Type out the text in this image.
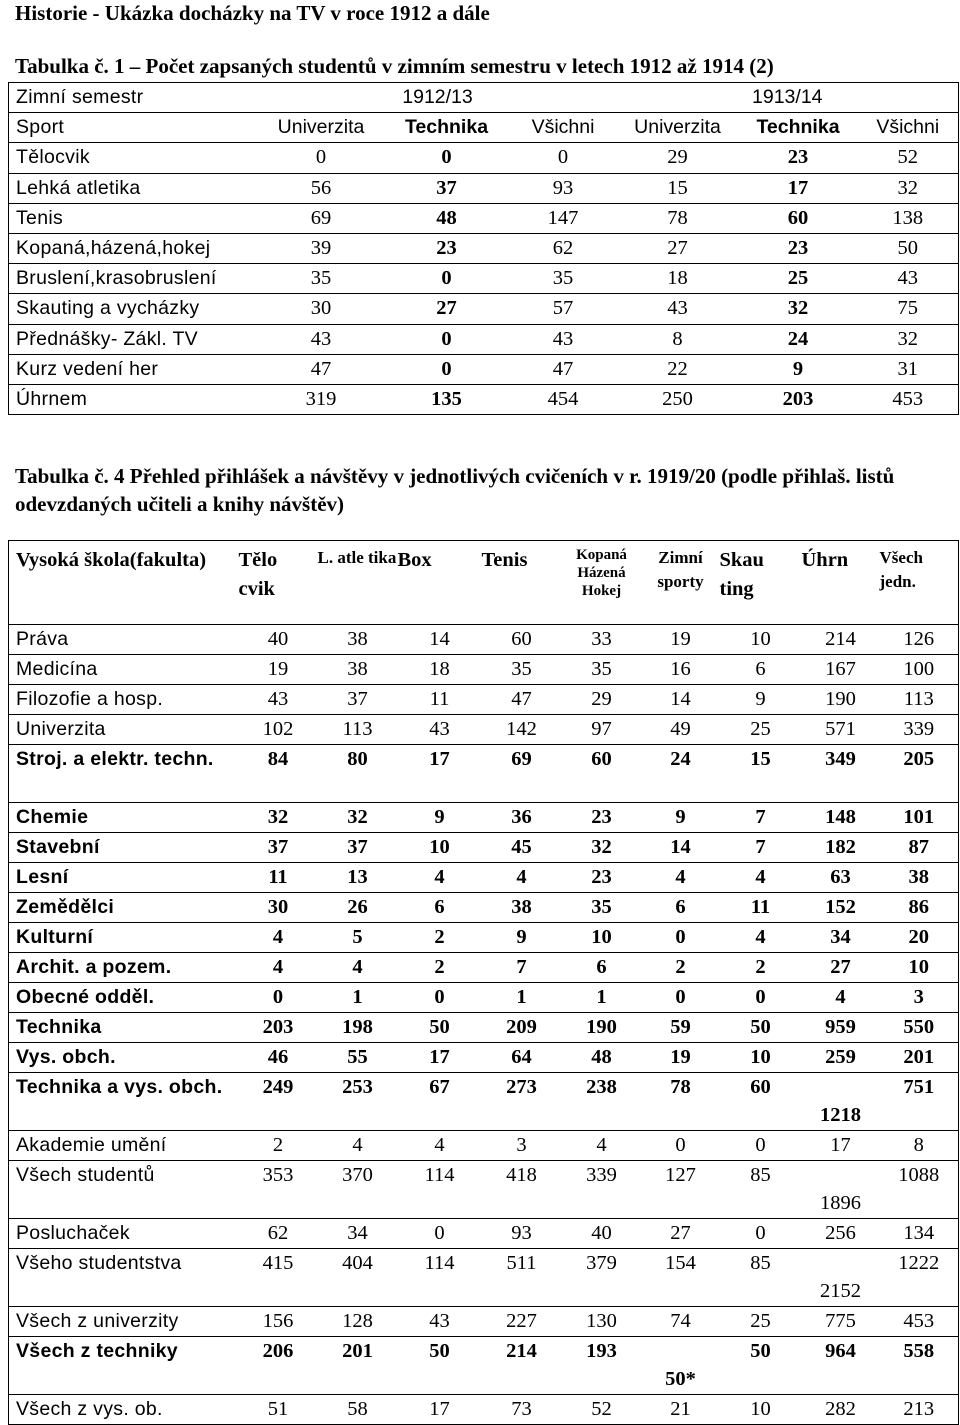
Historie - Ukázka docházky na TV v roce 1912 a dále
Tabulka č. 1 – Počet zapsaných studentů v zimním semestru v letech 1912 až 1914 (2)
Zimní semestr	1912/13			1913/14		
Sport	Univerzita	Technika	Všichni	Univerzita	Technika	Všichni
Tělocvik	0	0	0	29	23	52
Lehká atletika	56	37	93	15	17	32
Tenis	69	48	147	78	60	138
Kopaná,házená,hokej	39	23	62	27	23	50
Bruslení,krasobruslení	35	0	35	18	25	43
Skauting a vycházky	30	27	57	43	32	75
Přednášky- Zákl. TV	43	0	43	8	24	32
Kurz vedení her	47	0	47	22	9	31
Úhrnem	319	135	454	250	203	453
Tabulka č. 4 Přehled přihlášek a návštěvy v jednotlivých cvičeních v r. 1919/20 (podle přihlaš. listů odevzdaných učiteli a knihy návštěv)
Vysoká škola(fakulta)	Tělo cvik	L. atle tika	Box	Tenis	Kopaná Házená Hokej	Zimní sporty	Skau ting	Úhrn	Všech jedn.
Práva	40	38	14	60	33	19	10	214	126
Medicína	19	38	18	35	35	16	6	167	100
Filozofie a hosp.	43	37	11	47	29	14	9	190	113
Univerzita	102	113	43	142	97	49	25	571	339
Stroj. a elektr. techn.	84	80	17	69	60	24	15	349	205
Chemie	32	32	9	36	23	9	7	148	101
Stavební	37	37	10	45	32	14	7	182	87
Lesní	11	13	4	4	23	4	4	63	38
Zemědělci	30	26	6	38	35	6	11	152	86
Kulturní	4	5	2	9	10	0	4	34	20
Archit. a pozem.	4	4	2	7	6	2	2	27	10
Obecné odděl.	0	1	0	1	1	0	0	4	3
Technika	203	198	50	209	190	59	50	959	550
Vys. obch.	46	55	17	64	48	19	10	259	201
Technika a vys. obch.	249	253	67	273	238	78	60	1218	751
Akademie umění	2	4	4	3	4	0	0	17	8
Všech studentů	353	370	114	418	339	127	85	1896	1088
Posluchaček	62	34	0	93	40	27	0	256	134
Všeho studentstva	415	404	114	511	379	154	85	2152	1222
Všech z univerzity	156	128	43	227	130	74	25	775	453
Všech z techniky	206	201	50	214	193	50*	50	964	558
Všech z vys. ob.	51	58	17	73	52	21	10	282	213
